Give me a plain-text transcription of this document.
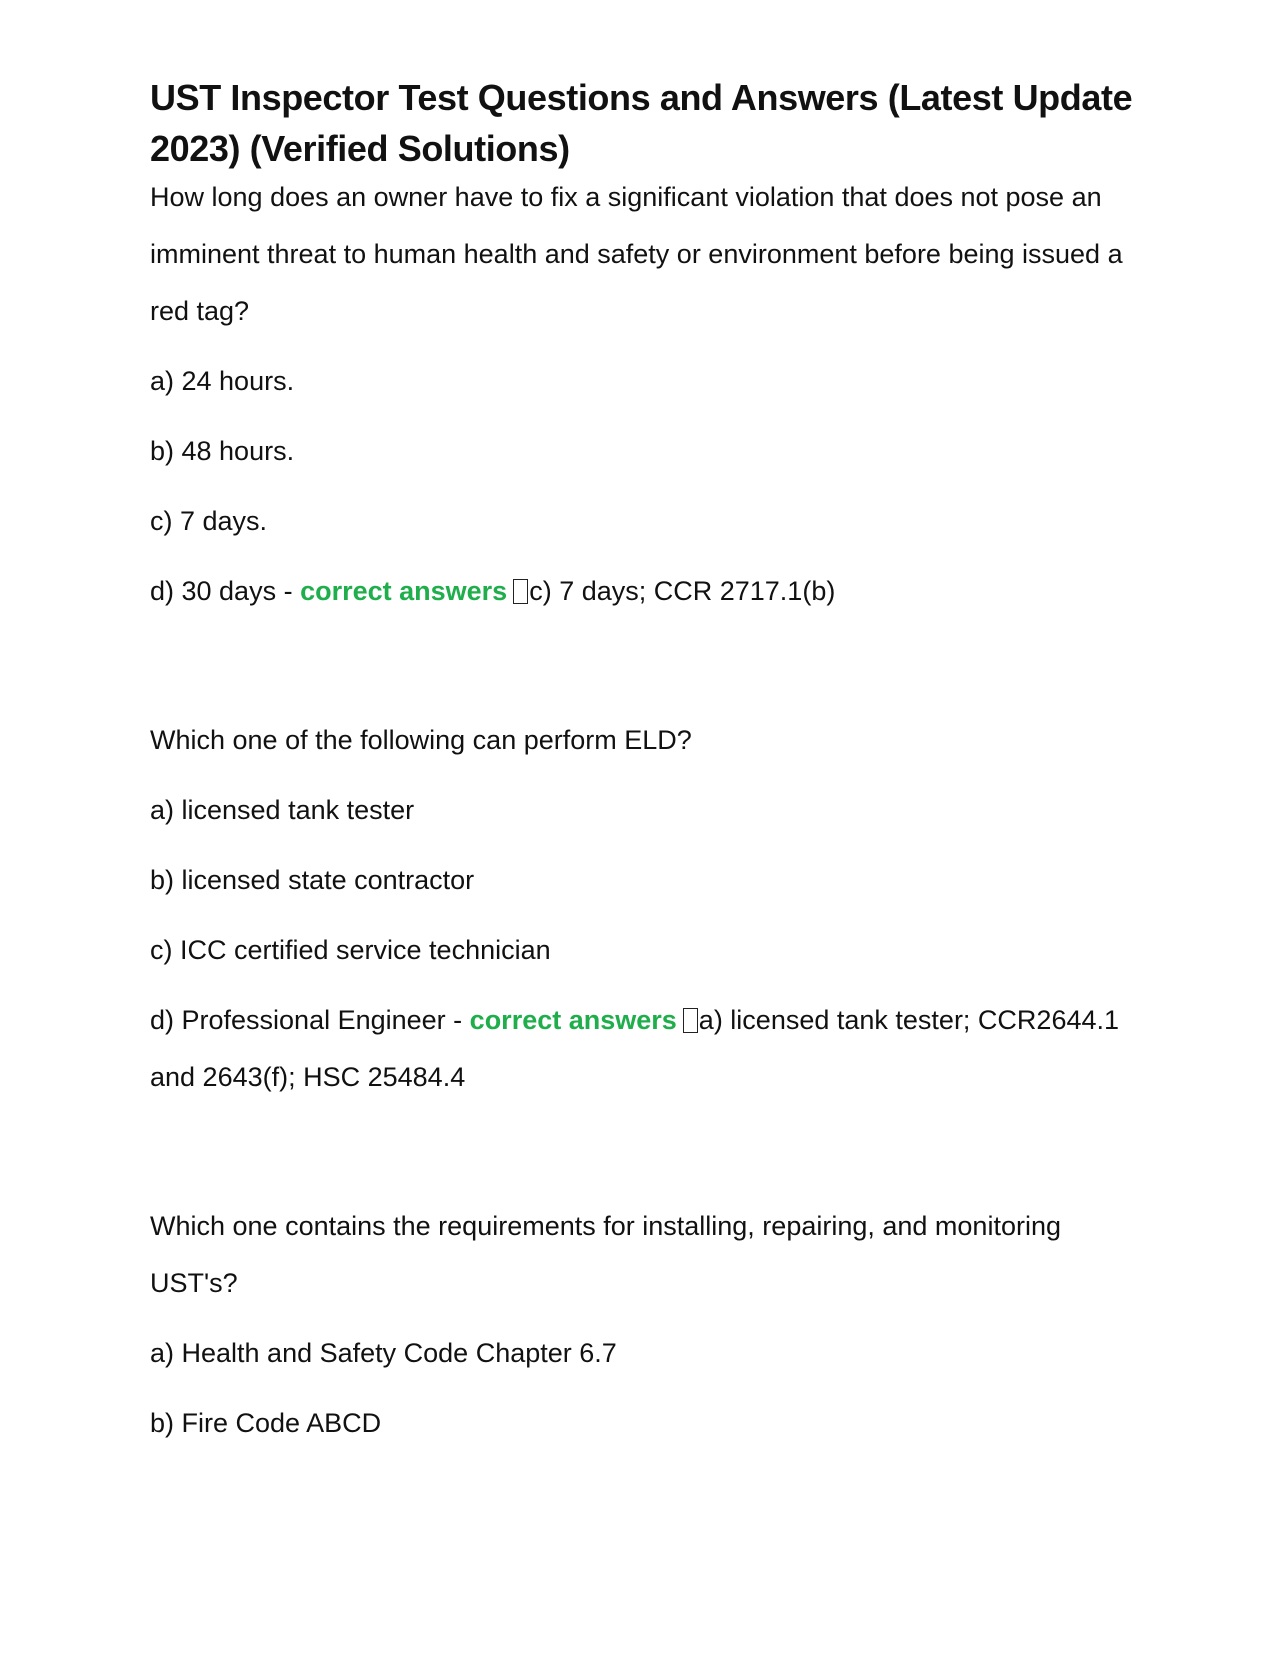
UST Inspector Test Questions and Answers (Latest Update 2023) (Verified Solutions)

How long does an owner have to fix a significant violation that does not pose an imminent threat to human health and safety or environment before being issued a red tag?

a) 24 hours.

b) 48 hours.

c) 7 days.

d) 30 days - correct answers c) 7 days; CCR 2717.1(b)

Which one of the following can perform ELD?

a) licensed tank tester

b) licensed state contractor

c) ICC certified service technician

d) Professional Engineer - correct answers a) licensed tank tester; CCR2644.1 and 2643(f); HSC 25484.4

Which one contains the requirements for installing, repairing, and monitoring UST's?

a) Health and Safety Code Chapter 6.7

b) Fire Code ABCD
